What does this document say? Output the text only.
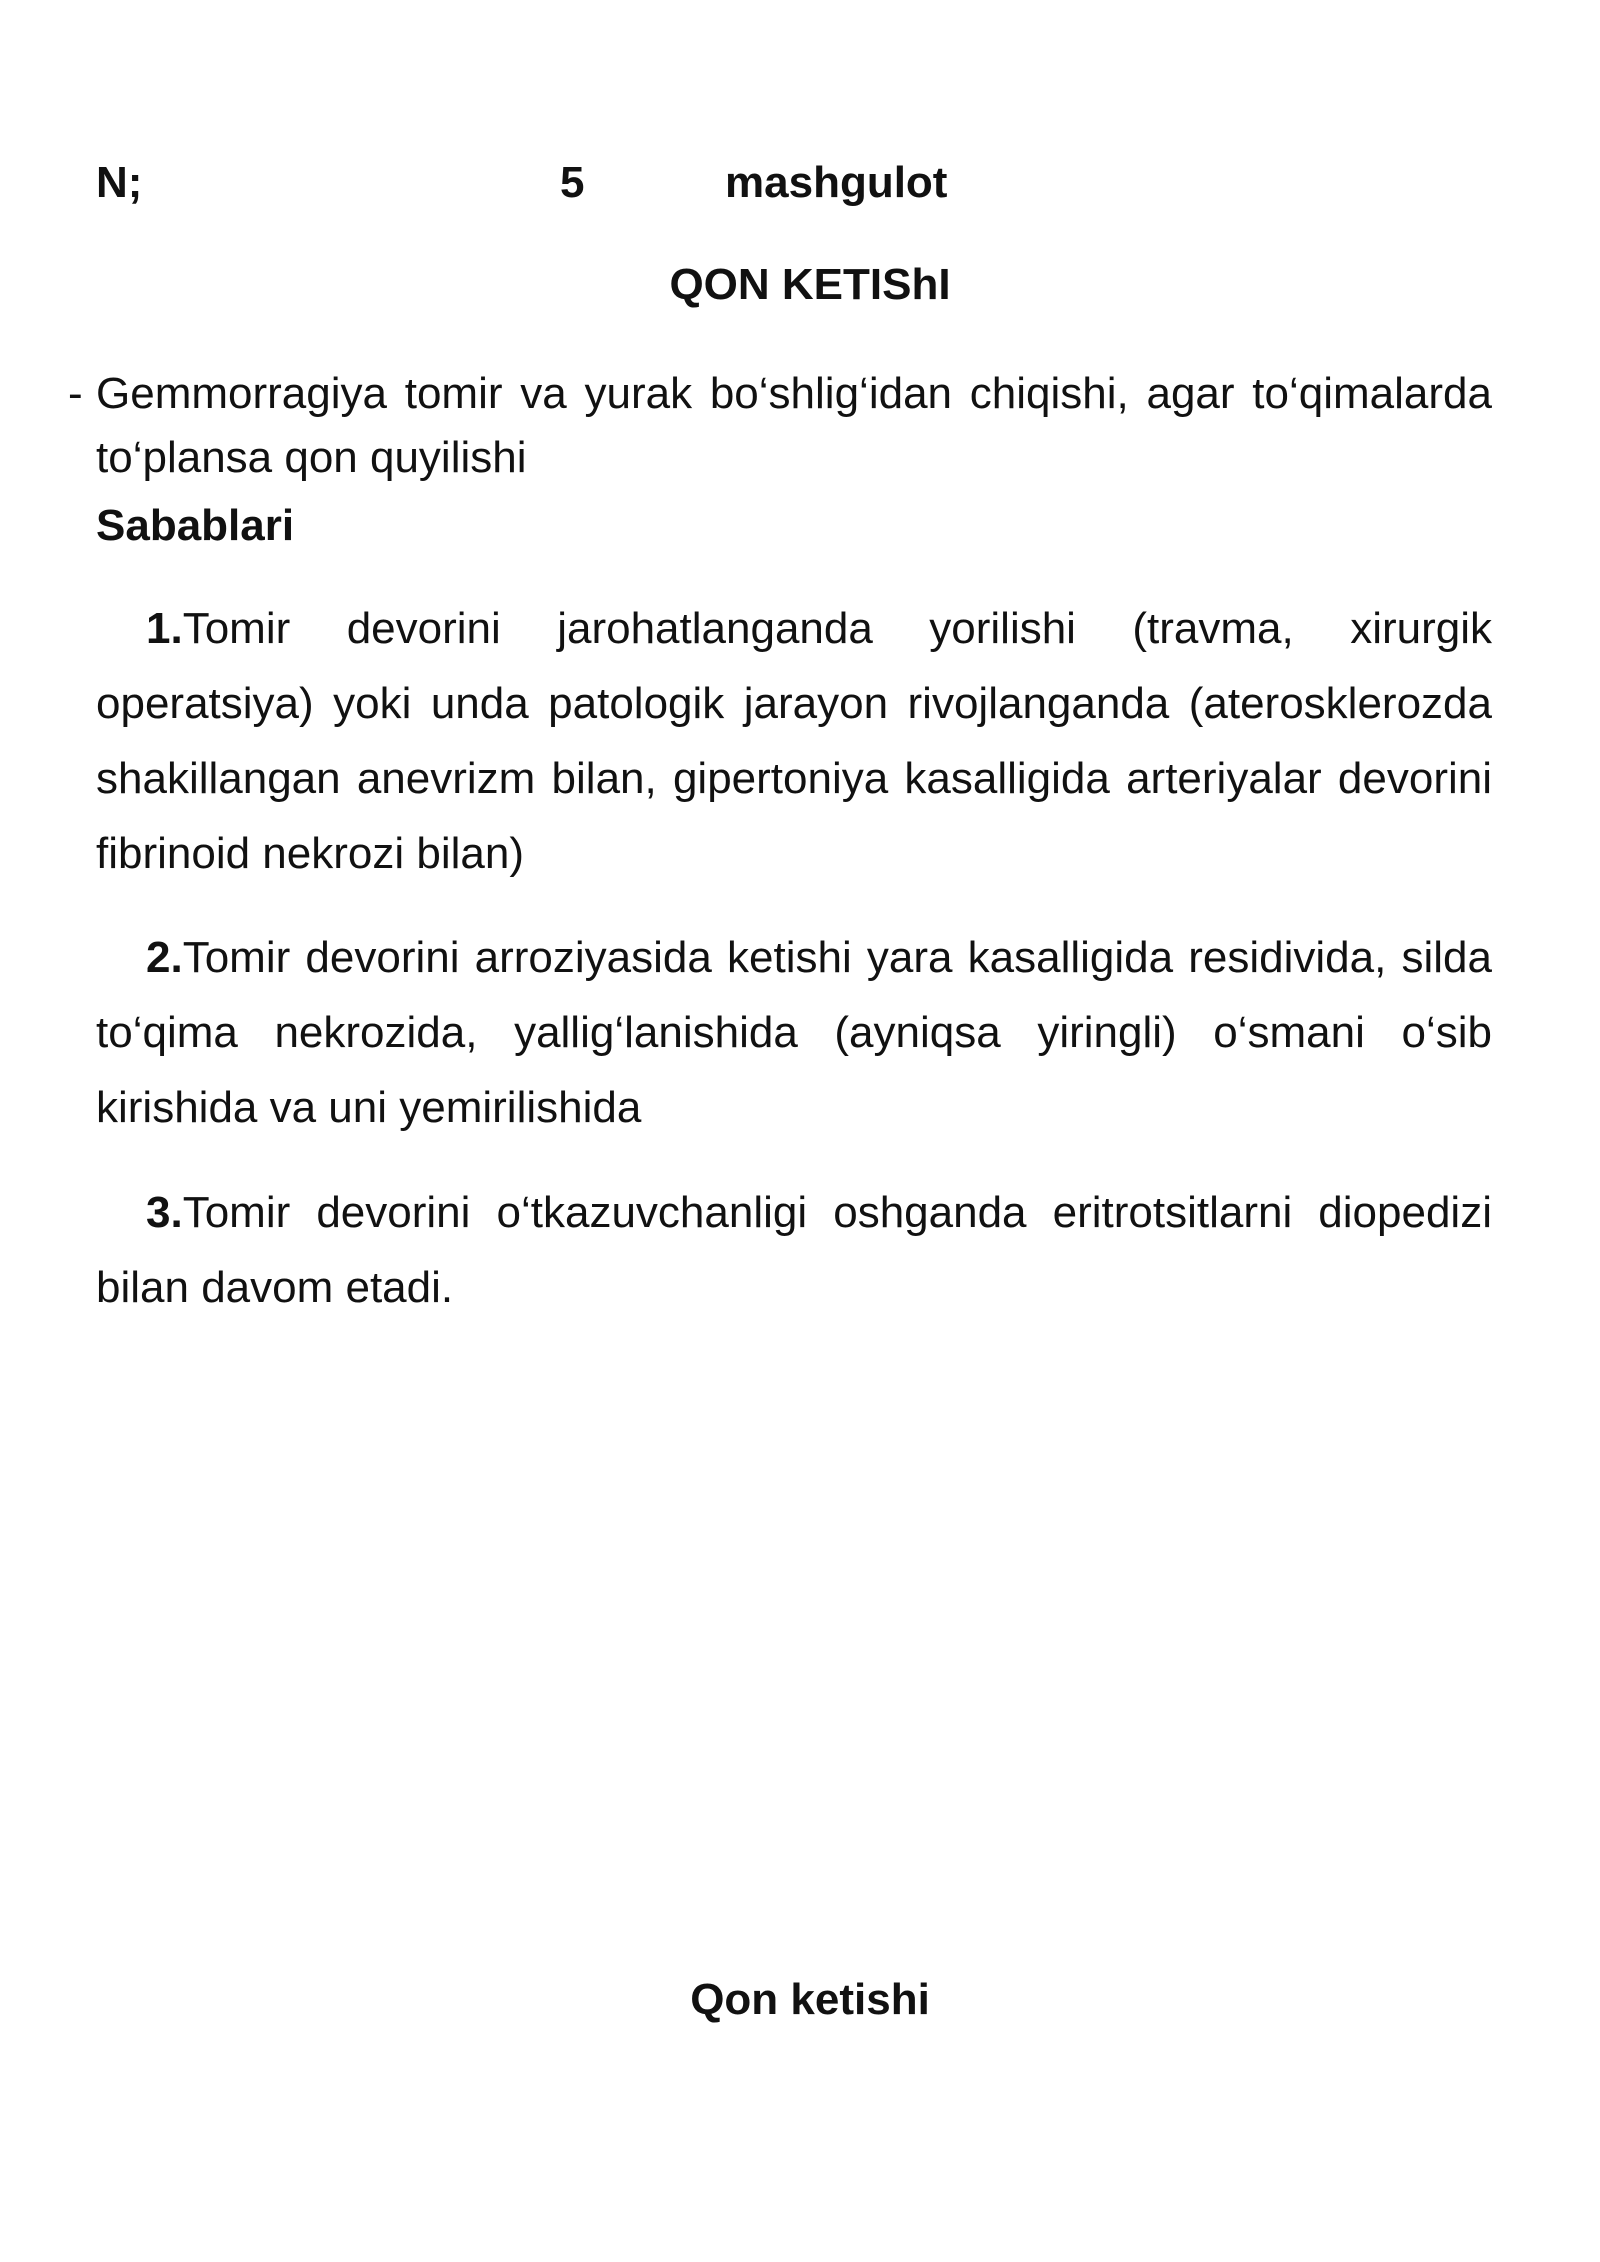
N;	5	mashgulot
QON KETIShI
- Gemmorragiya tomir va yurak bo‘shlig‘idan chiqishi, agar to‘qimalarda to‘plansa qon quyilishi
Sabablari
1.Tomir devorini jarohatlanganda yorilishi (travma, xirurgik operatsiya) yoki unda patologik jarayon rivojlanganda (aterosklerozda shakillangan anevrizm bilan, gipertoniya kasalligida arteriyalar devorini fibrinoid nekrozi bilan)
2.Tomir devorini arroziyasida ketishi yara kasalligida residivida, silda to‘qima nekrozida, yallig‘lanishida (ayniqsa yiringli) o‘smani o‘sib kirishida va uni yemirilishida
3.Tomir devorini o‘tkazuvchanligi oshganda eritrotsitlarni diopedizi bilan davom etadi.
Qon ketishi
